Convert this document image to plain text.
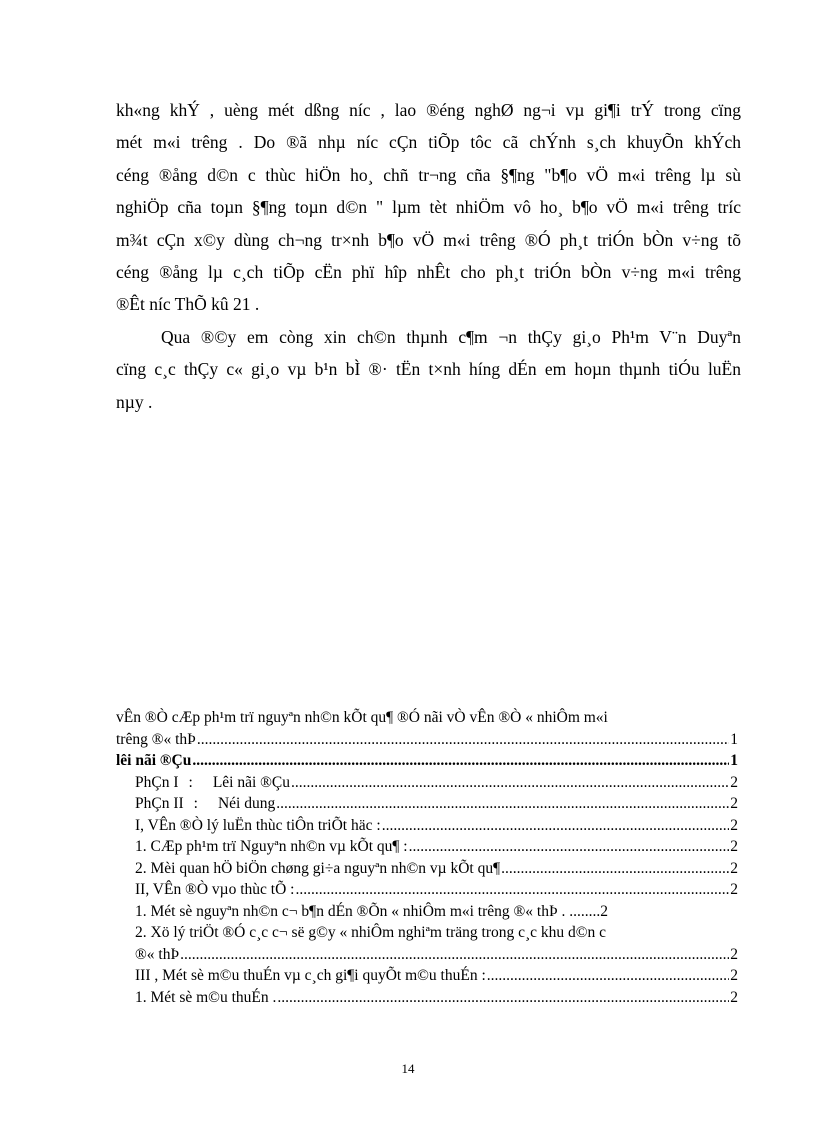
kh«ng khÝ , uèng mét dßng níc , lao ®éng nghØ ng¬i vµ gi¶i trÝ trong cïng
mét m«i trêng . Do ®ã nhµ níc cÇn tiÕp tôc cã chÝnh s¸ch khuyÕn khÝch
céng ®ång d©n c thùc hiÖn ho¸ chñ tr¬ng cña §¶ng "b¶o vÖ m«i trêng lµ sù
nghiÖp cña toµn §¶ng toµn d©n " lµm tèt nhiÖm vô ho¸ b¶o vÖ m«i trêng tríc
m¾t cÇn x©y dùng ch¬ng tr×nh b¶o vÖ m«i trêng ®Ó ph¸t triÓn bÒn v÷ng tõ
céng ®ång lµ c¸ch tiÕp cËn phï hîp nhÊt cho ph¸t triÓn bÒn v÷ng m«i trêng
®Êt níc ThÕ kû 21 .
Qua ®©y em còng xin ch©n thµnh c¶m ¬n thÇy gi¸o Ph¹m V¨n Duyªn
cïng c¸c thÇy c« gi¸o vµ b¹n bÌ ®· tËn t×nh híng dÉn em hoµn thµnh tiÓu luËn
nµy .
vÊn ®Ò cÆp ph¹m trï nguyªn nh©n kÕt qu¶ ®Ó nãi vÒ vÊn ®Ò « nhiÔm m«i
trêng ®« thÞ .....	1
lêi nãi ®Çu .....	1
PhÇn I : Lêi nãi ®Çu .....	2
PhÇn II : Néi dung .....	2
I, VÊn ®Ò lý luËn thùc tiÔn triÕt häc : .....	2
1. CÆp ph¹m trï Nguyªn nh©n vµ kÕt qu¶ : .....	2
2. Mèi quan hÖ biÖn chøng gi÷a nguyªn nh©n vµ kÕt qu¶ .....	2
II, VÊn ®Ò vµo thùc tÕ : .....	2
1. Mét sè nguyªn nh©n c¬ b¶n dÉn ®Õn « nhiÔm m«i trêng ®« thÞ . ........ 2
2. Xö lý triÖt ®Ó c¸c c¬ së g©y « nhiÔm nghiªm träng trong c¸c khu d©n c
®« thÞ .....	2
III , Mét sè m©u thuÉn vµ c¸ch gi¶i quyÕt m©u thuÉn : .....	2
1. Mét sè m©u thuÉn . .....	2
14
